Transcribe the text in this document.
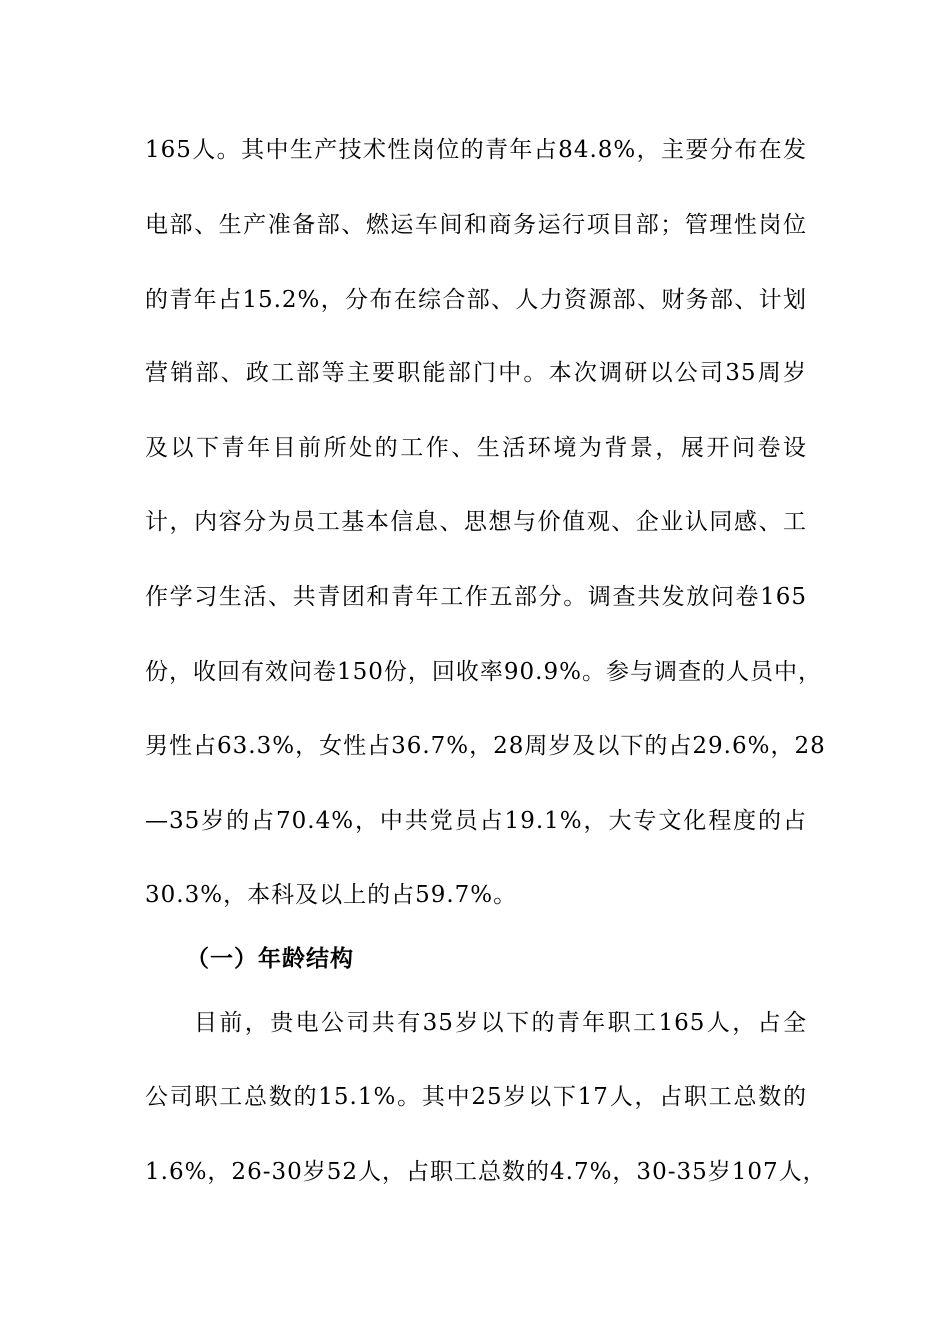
165人。其中生产技术性岗位的青年占84.8%，主要分布在发
电部、生产准备部、燃运车间和商务运行项目部；管理性岗位
的青年占15.2%，分布在综合部、人力资源部、财务部、计划
营销部、政工部等主要职能部门中。本次调研以公司35周岁
及以下青年目前所处的工作、生活环境为背景，展开问卷设
计，内容分为员工基本信息、思想与价值观、企业认同感、工
作学习生活、共青团和青年工作五部分。调查共发放问卷165
份，收回有效问卷150份，回收率90.9%。参与调查的人员中，
男性占63.3%，女性占36.7%，28周岁及以下的占29.6%，28
—35岁的占70.4%，中共党员占19.1%，大专文化程度的占
30.3%，本科及以上的占59.7%。
（一）年龄结构
目前，贵电公司共有35岁以下的青年职工165人，占全
公司职工总数的15.1%。其中25岁以下17人，占职工总数的
1.6%，26-30岁52人，占职工总数的4.7%，30-35岁107人，
